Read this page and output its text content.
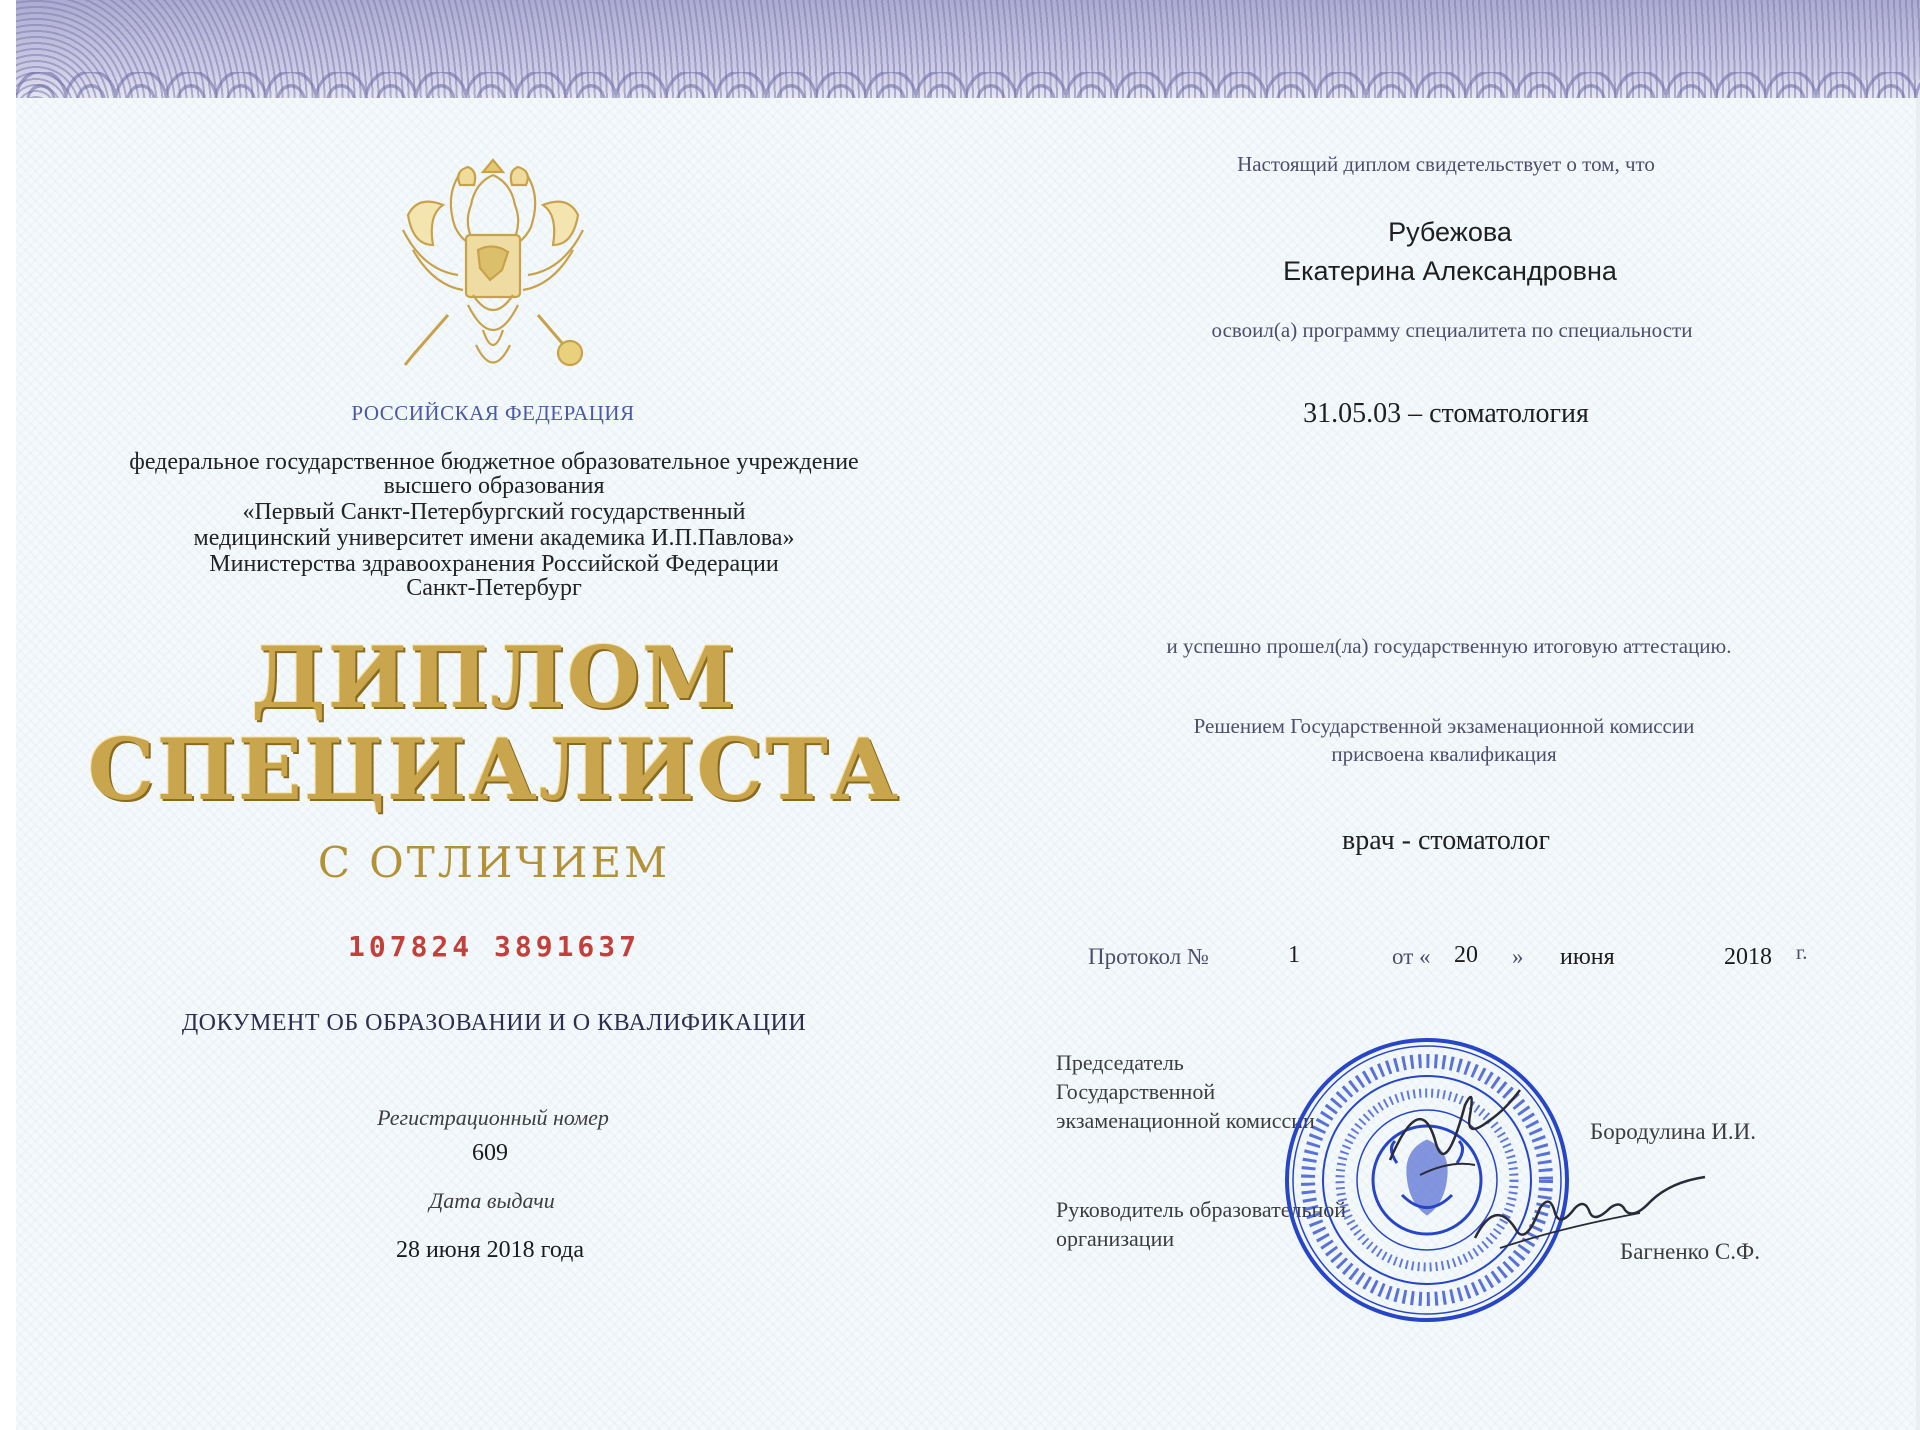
РОССИЙСКАЯ ФЕДЕРАЦИЯ
федеральное государственное бюджетное образовательное учреждение
высшего образования
«Первый Санкт-Петербургский государственный
медицинский университет имени академика И.П.Павлова»
Министерства здравоохранения Российской Федерации
Санкт-Петербург
ДИПЛОМ
СПЕЦИАЛИСТА
С ОТЛИЧИЕМ
107824 3891637
ДОКУМЕНТ ОБ ОБРАЗОВАНИИ И О КВАЛИФИКАЦИИ
Регистрационный номер
609
Дата выдачи
28 июня 2018 года
Настоящий диплом свидетельствует о том, что
Рубежова
Екатерина Александровна
освоил(а) программу специалитета по специальности
31.05.03 – стоматология
и успешно прошел(ла) государственную итоговую аттестацию.
Решением Государственной экзаменационной комиссии
присвоена квалификация
врач - стоматолог
Протокол №	1	от « 20 » июня	2018 г.
Председатель
Государственной
экзаменационной комиссии	Бородулина И.И.
Руководитель образовательной
организации
Багненко С.Ф.
